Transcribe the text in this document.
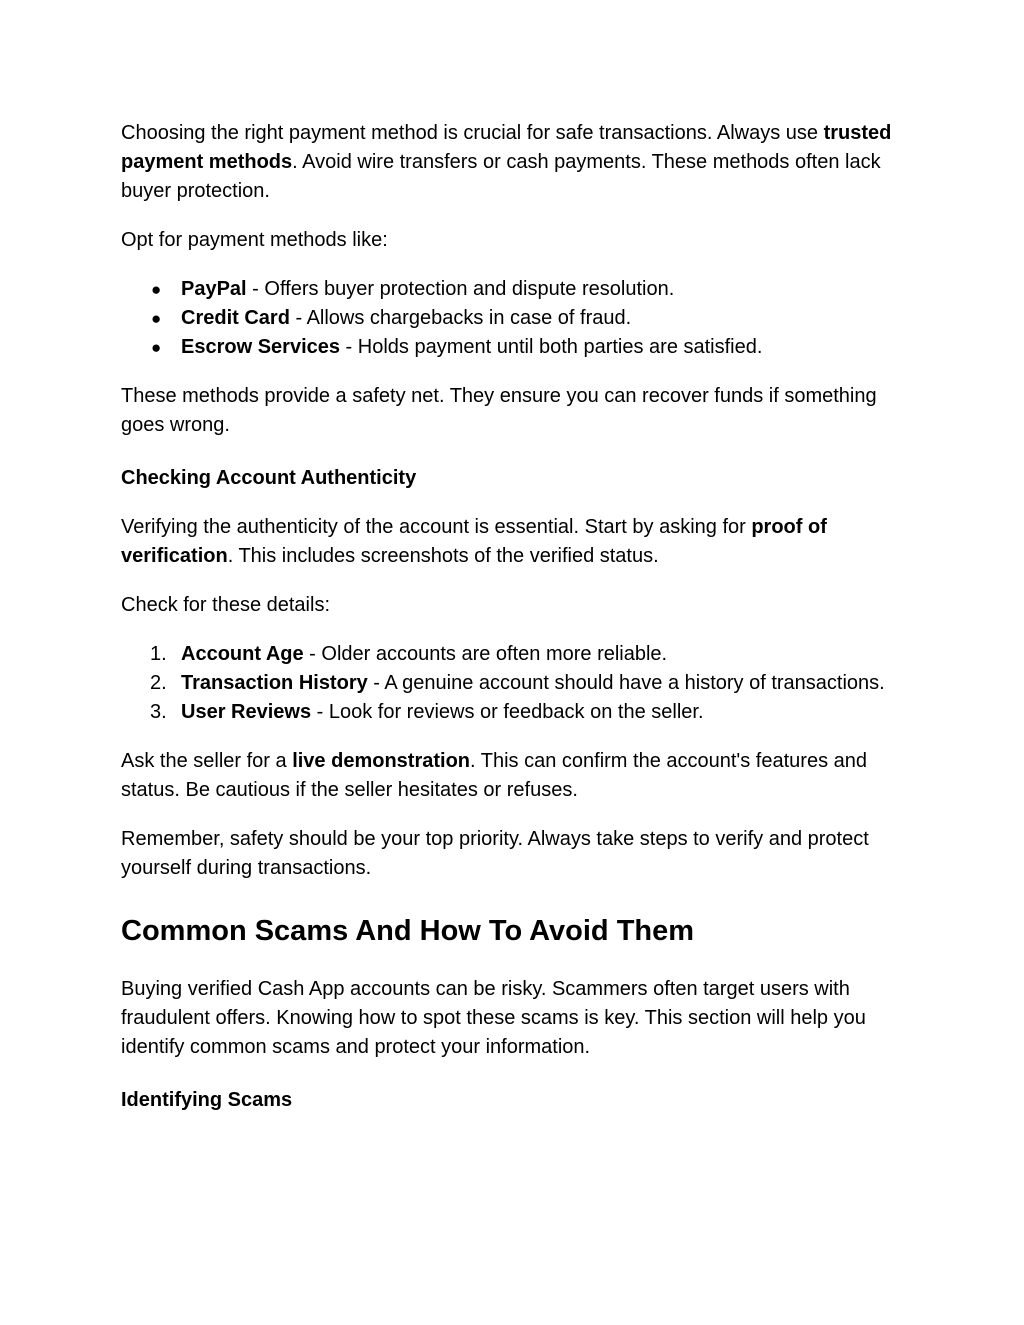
Choosing the right payment method is crucial for safe transactions. Always use trusted payment methods. Avoid wire transfers or cash payments. These methods often lack buyer protection.

Opt for payment methods like:

● PayPal - Offers buyer protection and dispute resolution.
● Credit Card - Allows chargebacks in case of fraud.
● Escrow Services - Holds payment until both parties are satisfied.

These methods provide a safety net. They ensure you can recover funds if something goes wrong.

Checking Account Authenticity

Verifying the authenticity of the account is essential. Start by asking for proof of verification. This includes screenshots of the verified status.

Check for these details:

1. Account Age - Older accounts are often more reliable.
2. Transaction History - A genuine account should have a history of transactions.
3. User Reviews - Look for reviews or feedback on the seller.

Ask the seller for a live demonstration. This can confirm the account's features and status. Be cautious if the seller hesitates or refuses.

Remember, safety should be your top priority. Always take steps to verify and protect yourself during transactions.

Common Scams And How To Avoid Them

Buying verified Cash App accounts can be risky. Scammers often target users with fraudulent offers. Knowing how to spot these scams is key. This section will help you identify common scams and protect your information.

Identifying Scams
